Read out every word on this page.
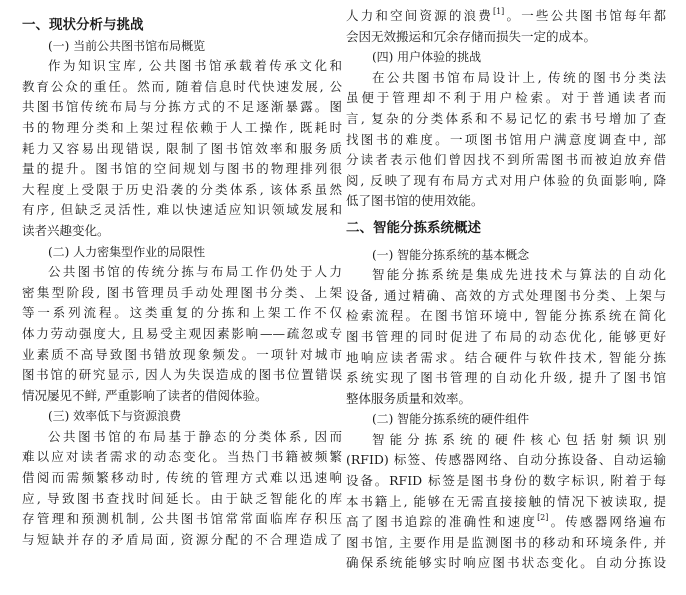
一、现状分析与挑战
(一) 当前公共图书馆布局概览
作为知识宝库, 公共图书馆承载着传承文化和
教育公众的重任。然而, 随着信息时代快速发展, 公
共图书馆传统布局与分拣方式的不足逐渐暴露。图
书的物理分类和上架过程依赖于人工操作, 既耗时
耗力又容易出现错误, 限制了图书馆效率和服务质
量的提升。图书馆的空间规划与图书的物理排列很
大程度上受限于历史沿袭的分类体系, 该体系虽然
有序, 但缺乏灵活性, 难以快速适应知识领域发展和
读者兴趣变化。
(二) 人力密集型作业的局限性
公共图书馆的传统分拣与布局工作仍处于人力
密集型阶段, 图书管理员手动处理图书分类、上架
等一系列流程。这类重复的分拣和上架工作不仅
体力劳动强度大, 且易受主观因素影响——疏忽或专
业素质不高导致图书错放现象频发。一项针对城市
图书馆的研究显示, 因人为失误造成的图书位置错误
情况屡见不鲜, 严重影响了读者的借阅体验。
(三) 效率低下与资源浪费
公共图书馆的布局基于静态的分类体系, 因而
难以应对读者需求的动态变化。当热门书籍被频繁
借阅而需频繁移动时, 传统的管理方式难以迅速响
应, 导致图书查找时间延长。由于缺乏智能化的库
存管理和预测机制, 公共图书馆常常面临库存积压
与短缺并存的矛盾局面, 资源分配的不合理造成了
人力和空间资源的浪费[1]。一些公共图书馆每年都
会因无效搬运和冗余存储而损失一定的成本。
(四) 用户体验的挑战
在公共图书馆布局设计上, 传统的图书分类法
虽便于管理却不利于用户检索。对于普通读者而
言, 复杂的分类体系和不易记忆的索书号增加了查
找图书的难度。一项图书馆用户满意度调查中, 部
分读者表示他们曾因找不到所需图书而被迫放弃借
阅, 反映了现有布局方式对用户体验的负面影响, 降
低了图书馆的使用效能。
二、智能分拣系统概述
(一) 智能分拣系统的基本概念
智能分拣系统是集成先进技术与算法的自动化
设备, 通过精确、高效的方式处理图书分类、上架与
检索流程。在图书馆环境中, 智能分拣系统在简化
图书管理的同时促进了布局的动态优化, 能够更好
地响应读者需求。结合硬件与软件技术, 智能分拣
系统实现了图书管理的自动化升级, 提升了图书馆
整体服务质量和效率。
(二) 智能分拣系统的硬件组件
智能分拣系统的硬件核心包括射频识别
(RFID) 标签、传感器网络、自动分拣设备、自动运输
设备。RFID 标签是图书身份的数字标识, 附着于每
本书籍上, 能够在无需直接接触的情况下被读取, 提
高了图书追踪的准确性和速度[2]。传感器网络遍布
图书馆, 主要作用是监测图书的移动和环境条件, 并
确保系统能够实时响应图书状态变化。自动分拣设
